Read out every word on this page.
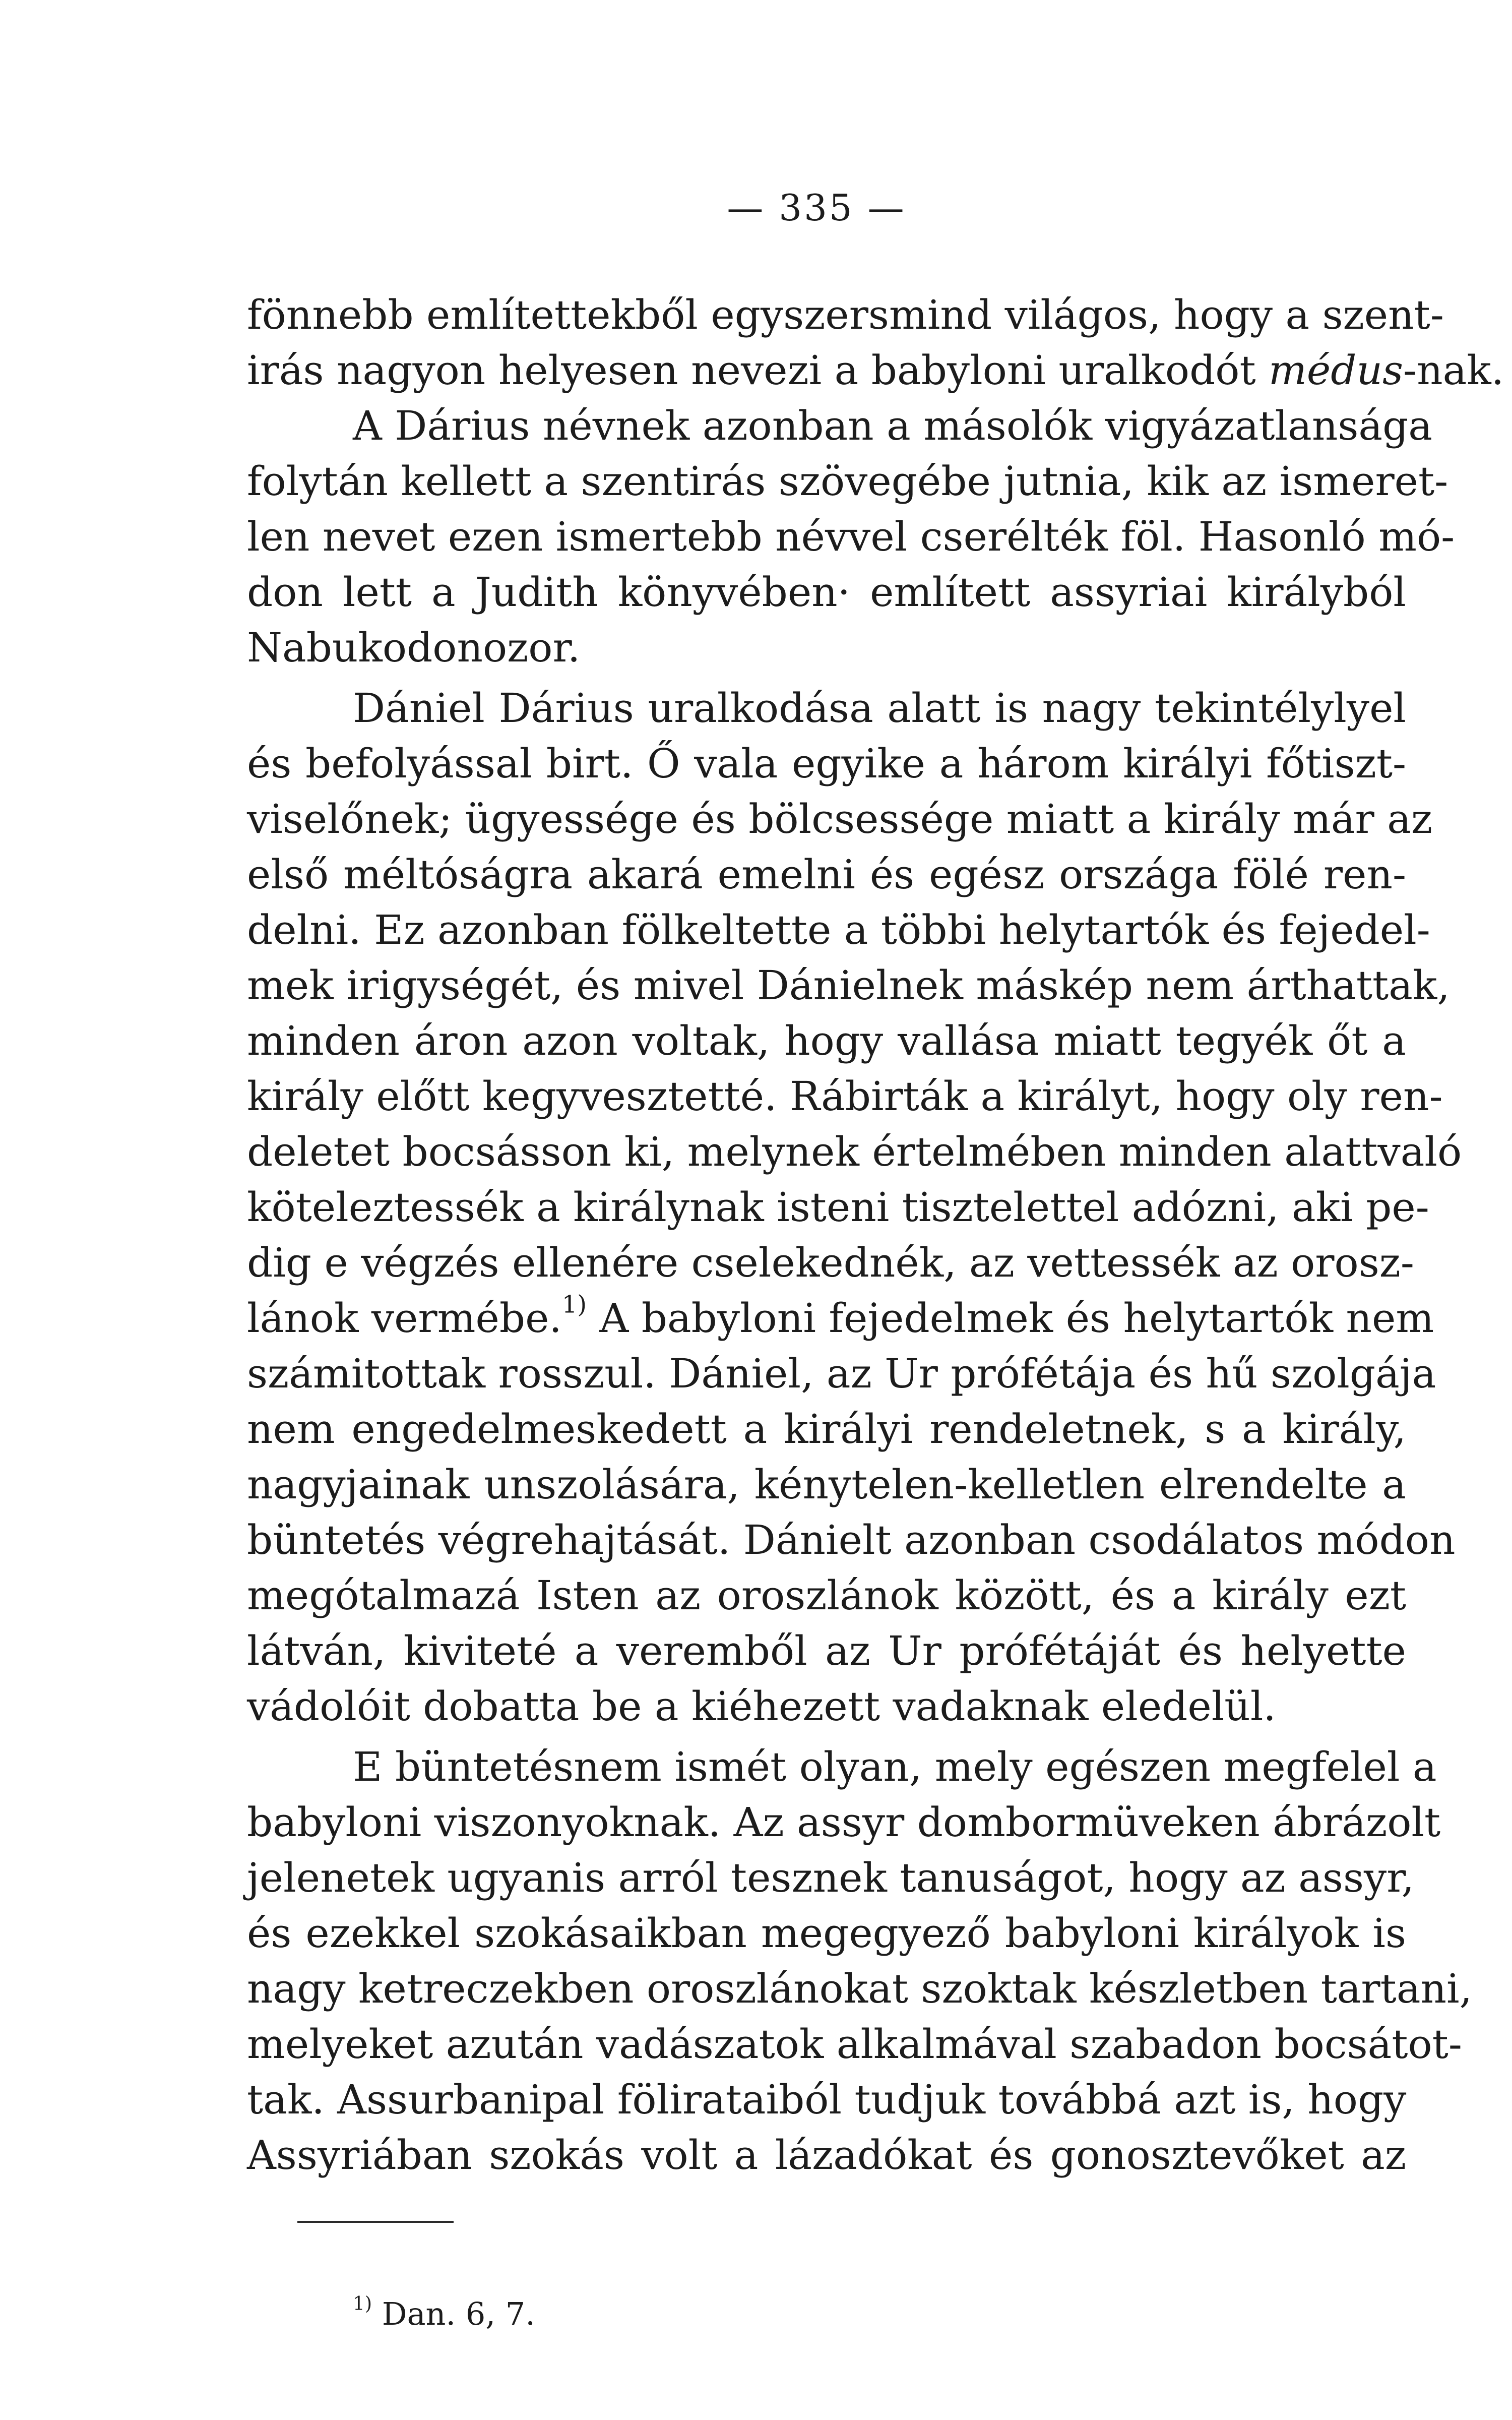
— 335 —
fönnebb említettekből egyszersmind világos, hogy a szent-
irás nagyon helyesen nevezi a babyloni uralkodót médus-nak.
A Dárius névnek azonban a másolók vigyázatlansága
folytán kellett a szentirás szövegébe jutnia, kik az ismeret-
len nevet ezen ismertebb névvel cserélték föl. Hasonló mó-
don lett a Judith könyvében· említett assyriai királyból
Nabukodonozor.
Dániel Dárius uralkodása alatt is nagy tekintélylyel
és befolyással birt. Ő vala egyike a három királyi főtiszt-
viselőnek; ügyessége és bölcsessége miatt a király már az
első méltóságra akará emelni és egész országa fölé ren-
delni. Ez azonban fölkeltette a többi helytartók és fejedel-
mek irigységét, és mivel Dánielnek máskép nem árthattak,
minden áron azon voltak, hogy vallása miatt tegyék őt a
király előtt kegyvesztetté. Rábirták a királyt, hogy oly ren-
deletet bocsásson ki, melynek értelmében minden alattvaló
köteleztessék a királynak isteni tisztelettel adózni, aki pe-
dig e végzés ellenére cselekednék, az vettessék az orosz-
lánok vermébe.$^{1)}$ A babyloni fejedelmek és helytartók nem
számitottak rosszul. Dániel, az Ur prófétája és hű szolgája
nem engedelmeskedett a királyi rendeletnek, s a király,
nagyjainak unszolására, kénytelen-kelletlen elrendelte a
büntetés végrehajtását. Dánielt azonban csodálatos módon
megótalmazá Isten az oroszlánok között, és a király ezt
látván, kiviteté a veremből az Ur prófétáját és helyette
vádolóit dobatta be a kiéhezett vadaknak eledelül.
E büntetésnem ismét olyan, mely egészen megfelel a
babyloni viszonyoknak. Az assyr dombormüveken ábrázolt
jelenetek ugyanis arról tesznek tanuságot, hogy az assyr,
és ezekkel szokásaikban megegyező babyloni királyok is
nagy ketreczekben oroszlánokat szoktak készletben tartani,
melyeket azután vadászatok alkalmával szabadon bocsátot-
tak. Assurbanipal föliratаiból tudjuk továbbá azt is, hogy
Assyriában szokás volt a lázadókat és gonosztevőket az
$^{1)}$ Dan. 6, 7.
